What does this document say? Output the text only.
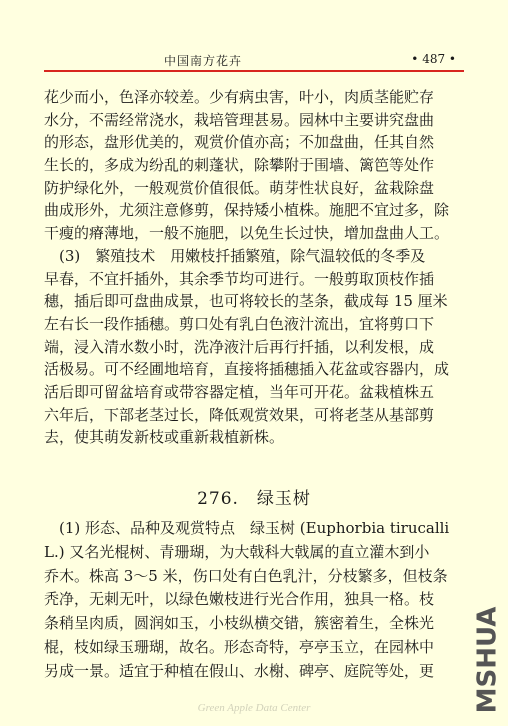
中国南方花卉	• 487 •
花少而小，色泽亦较差。少有病虫害，叶小，肉质茎能贮存
水分，不需经常浇水，栽培管理甚易。园林中主要讲究盘曲
的形态，盘形优美的，观赏价值亦高；不加盘曲，任其自然
生长的，多成为纷乱的刺蓬状，除攀附于围墙、篱笆等处作
防护绿化外，一般观赏价值很低。萌芽性状良好，盆栽除盘
曲成形外，尤须注意修剪，保持矮小植株。施肥不宜过多，除
干瘦的瘠薄地，一般不施肥，以免生长过快，增加盘曲人工。
　(3)　繁殖技术　用嫩枝扦插繁殖，除气温较低的冬季及
早春，不宜扦插外，其余季节均可进行。一般剪取顶枝作插
穗，插后即可盘曲成景，也可将较长的茎条，截成每 15 厘米
左右长一段作插穗。剪口处有乳白色液汁流出，宜将剪口下
端，浸入清水数小时，洗净液汁后再行扦插，以利发根，成
活极易。可不经圃地培育，直接将插穗插入花盆或容器内，成
活后即可留盆培育或带容器定植，当年可开花。盆栽植株五
六年后，下部老茎过长，降低观赏效果，可将老茎从基部剪
去，使其萌发新枝或重新栽植新株。
276.　绿玉树
　(1) 形态、品种及观赏特点　绿玉树 (Euphorbia tirucalli
L.) 又名光棍树、青珊瑚，为大戟科大戟属的直立灌木到小
乔木。株高 3～5 米，伤口处有白色乳汁，分枝繁多，但枝条
秃净，无刺无叶，以绿色嫩枝进行光合作用，独具一格。枝
条稍呈肉质，圆润如玉，小枝纵横交错，簇密着生，全株光
棍，枝如绿玉珊瑚，故名。形态奇特，亭亭玉立，在园林中
另成一景。适宜于种植在假山、水榭、碑亭、庭院等处，更	MSHUA
Green Apple Data Center
